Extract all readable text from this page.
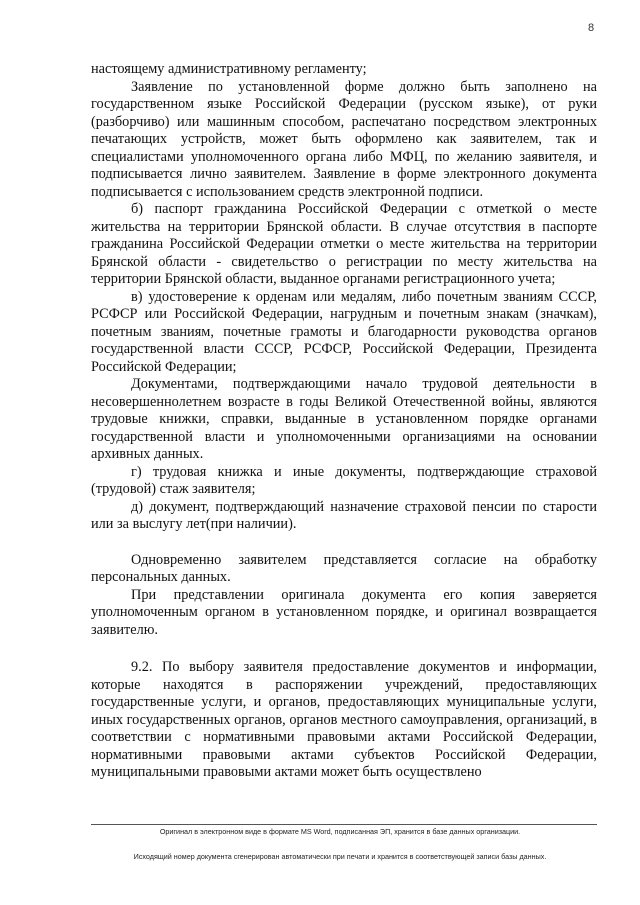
8

настоящему административному регламенту;

Заявление по установленной форме должно быть заполнено на государственном языке Российской Федерации (русском языке), от руки (разборчиво) или машинным способом, распечатано посредством электронных печатающих устройств, может быть оформлено как заявителем, так и специалистами уполномоченного органа либо МФЦ, по желанию заявителя, и подписывается лично заявителем. Заявление в форме электронного документа подписывается с использованием средств электронной подписи.

б) паспорт гражданина Российской Федерации с отметкой о месте жительства на территории Брянской области. В случае отсутствия в паспорте гражданина Российской Федерации отметки о месте жительства на территории Брянской области - свидетельство о регистрации по месту жительства на территории Брянской области, выданное органами регистрационного учета;

в) удостоверение к орденам или медалям, либо почетным званиям СССР, РСФСР или Российской Федерации, нагрудным и почетным знакам (значкам), почетным званиям, почетные грамоты и благодарности руководства органов государственной власти СССР, РСФСР, Российской Федерации, Президента Российской Федерации;

Документами, подтверждающими начало трудовой деятельности в несовершеннолетнем возрасте в годы Великой Отечественной войны, являются трудовые книжки, справки, выданные в установленном порядке органами государственной власти и уполномоченными организациями на основании архивных данных.

г) трудовая книжка и иные документы, подтверждающие страховой (трудовой) стаж заявителя;

д) документ, подтверждающий назначение страховой пенсии по старости или за выслугу лет(при наличии).

Одновременно заявителем представляется согласие на обработку персональных данных.

При представлении оригинала документа его копия заверяется уполномоченным органом в установленном порядке, и оригинал возвращается заявителю.

9.2. По выбору заявителя предоставление документов и информации, которые находятся в распоряжении учреждений, предоставляющих государственные услуги, и органов, предоставляющих муниципальные услуги, иных государственных органов, органов местного самоуправления, организаций, в соответствии с нормативными правовыми актами Российской Федерации, нормативными правовыми актами субъектов Российской Федерации, муниципальными правовыми актами может быть осуществлено

Оригинал в электронном виде в формате MS Word, подписанная ЭП, хранится в базе данных организации.
Исходящий номер документа сгенерирован автоматически при печати и хранится в соответствующей записи базы данных.
